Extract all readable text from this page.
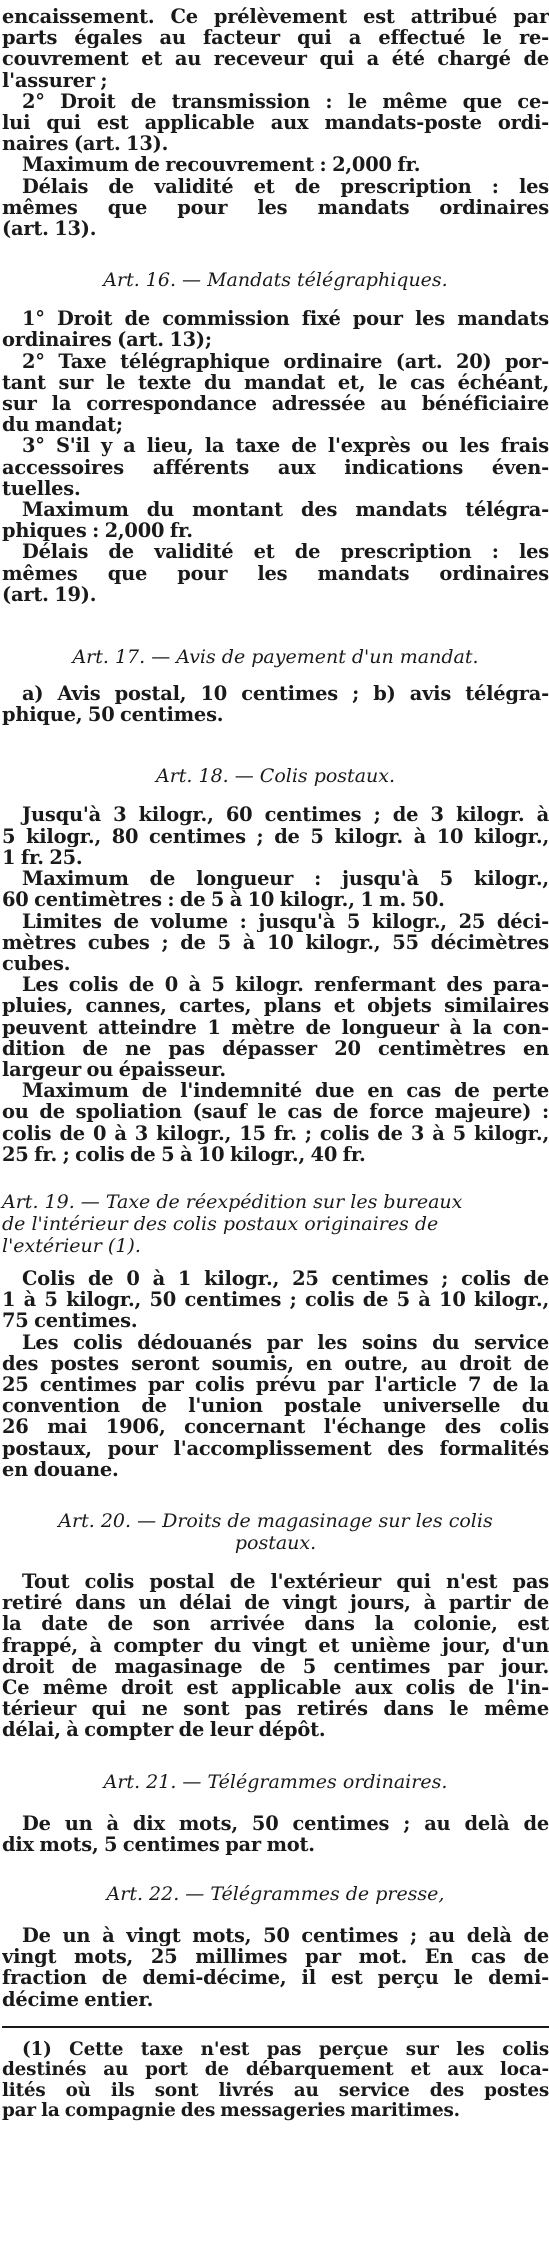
encaissement. Ce prélèvement est attribué par
parts égales au facteur qui a effectué le re-
couvrement et au receveur qui a été chargé de
l'assurer ;

2° Droit de transmission : le même que ce-
lui qui est applicable aux mandats-poste ordi-
naires (art. 13).

Maximum de recouvrement : 2,000 fr.

Délais de validité et de prescription : les
mêmes que pour les mandats ordinaires
(art. 13).

Art. 16. — Mandats télégraphiques.

1° Droit de commission fixé pour les mandats
ordinaires (art. 13);

2° Taxe télégraphique ordinaire (art. 20) por-
tant sur le texte du mandat et, le cas échéant,
sur la correspondance adressée au bénéficiaire
du mandat;

3° S'il y a lieu, la taxe de l'exprès ou les frais
accessoires afférents aux indications éven-
tuelles.

Maximum du montant des mandats télégra-
phiques : 2,000 fr.

Délais de validité et de prescription : les
mêmes que pour les mandats ordinaires
(art. 19).

Art. 17. — Avis de payement d'un mandat.

a) Avis postal, 10 centimes ; b) avis télégra-
phique, 50 centimes.

Art. 18. — Colis postaux.

Jusqu'à 3 kilogr., 60 centimes ; de 3 kilogr. à
5 kilogr., 80 centimes ; de 5 kilogr. à 10 kilogr.,
1 fr. 25.

Maximum de longueur : jusqu'à 5 kilogr.,
60 centimètres : de 5 à 10 kilogr., 1 m. 50.

Limites de volume : jusqu'à 5 kilogr., 25 déci-
mètres cubes ; de 5 à 10 kilogr., 55 décimètres
cubes.

Les colis de 0 à 5 kilogr. renfermant des para-
pluies, cannes, cartes, plans et objets similaires
peuvent atteindre 1 mètre de longueur à la con-
dition de ne pas dépasser 20 centimètres en
largeur ou épaisseur.

Maximum de l'indemnité due en cas de perte
ou de spoliation (sauf le cas de force majeure) :
colis de 0 à 3 kilogr., 15 fr. ; colis de 3 à 5 kilogr.,
25 fr. ; colis de 5 à 10 kilogr., 40 fr.

Art. 19. — Taxe de réexpédition sur les bureaux
de l'intérieur des colis postaux originaires de
l'extérieur (1).

Colis de 0 à 1 kilogr., 25 centimes ; colis de
1 à 5 kilogr., 50 centimes ; colis de 5 à 10 kilogr.,
75 centimes.

Les colis dédouanés par les soins du service
des postes seront soumis, en outre, au droit de
25 centimes par colis prévu par l'article 7 de la
convention de l'union postale universelle du
26 mai 1906, concernant l'échange des colis
postaux, pour l'accomplissement des formalités
en douane.

Art. 20. — Droits de magasinage sur les colis
postaux.

Tout colis postal de l'extérieur qui n'est pas
retiré dans un délai de vingt jours, à partir de
la date de son arrivée dans la colonie, est
frappé, à compter du vingt et unième jour, d'un
droit de magasinage de 5 centimes par jour.
Ce même droit est applicable aux colis de l'in-
térieur qui ne sont pas retirés dans le même
délai, à compter de leur dépôt.

Art. 21. — Télégrammes ordinaires.

De un à dix mots, 50 centimes ; au delà de
dix mots, 5 centimes par mot.

Art. 22. — Télégrammes de presse,

De un à vingt mots, 50 centimes ; au delà de
vingt mots, 25 millimes par mot. En cas de
fraction de demi-décime, il est perçu le demi-
décime entier.

(1) Cette taxe n'est pas perçue sur les colis
destinés au port de débarquement et aux loca-
lités où ils sont livrés au service des postes
par la compagnie des messageries maritimes.
